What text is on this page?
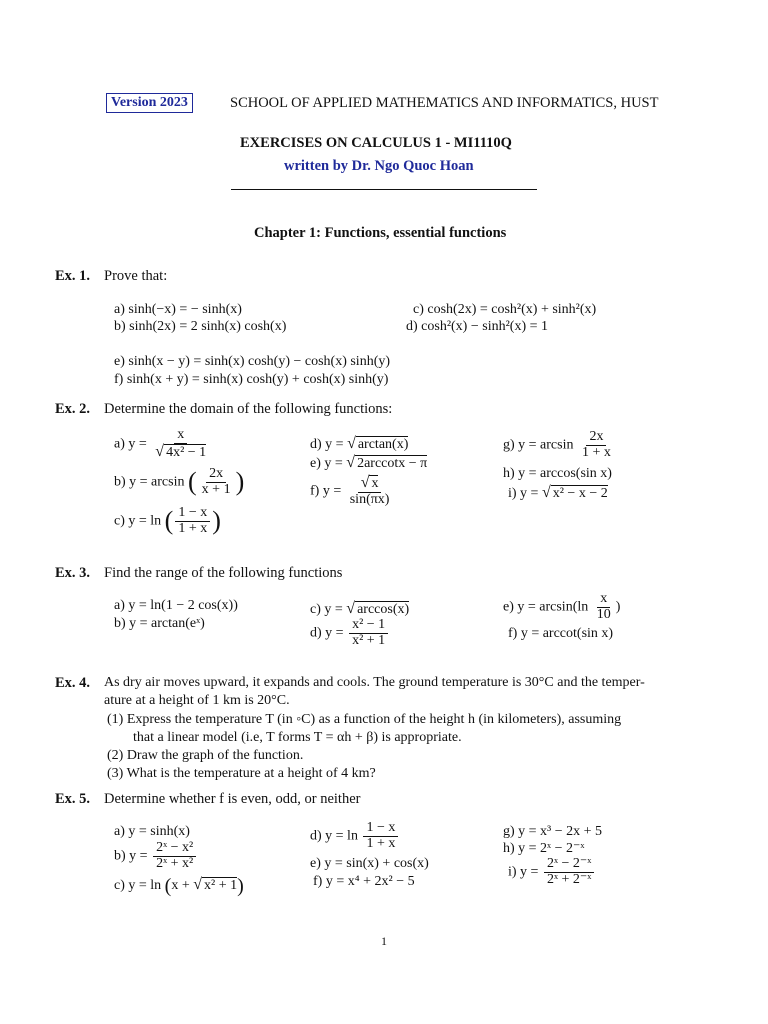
Version 2023	SCHOOL OF APPLIED MATHEMATICS AND INFORMATICS, HUST
EXERCISES ON CALCULUS 1 - MI1110Q
written by Dr. Ngo Quoc Hoan
Chapter 1: Functions, essential functions
Ex. 1. Prove that:
a) sinh(−x) = − sinh(x)
b) sinh(2x) = 2 sinh(x) cosh(x)
c) cosh(2x) = cosh²(x) + sinh²(x)
d) cosh²(x) − sinh²(x) = 1
e) sinh(x − y) = sinh(x) cosh(y) − cosh(x) sinh(y)
f) sinh(x + y) = sinh(x) cosh(y) + cosh(x) sinh(y)
Ex. 2. Determine the domain of the following functions:
a) $y = \frac{x}{\text{√ 4x² − 1}}$
b) y = arcsin ( $\frac{2x}{x + 1}$ )
c) y = ln ( $\frac{1 - x}{1 + x}$ )
d) y = √ arctan(x)
e) y = √ 2arccotx − π
f) $y = \frac{√ x}{\sin(\pi x)}$
g) $y = \arcsin \frac{2x}{1 + x}$
h) y = arccos(sin x)
i) y = √ x² − x − 2
Ex. 3. Find the range of the following functions
a) y = ln(1 − 2 cos(x))
b) y = arctan(eˣ)
c) y = √ arccos(x)
d) $y = \frac{\text{x² − 1}}{\text{x² + 1}}$
e) $y = \arcsin(\ln \frac{x}{10}$ )
f) y = arccot(sin x)
Ex. 4. As dry air moves upward, it expands and cools. The ground temperature is 30°C and the temper-
ature at a height of 1 km is 20°C.
(1) Express the temperature T (in ◦C) as a function of the height h (in kilometers), assuming
that a linear model (i.e, T forms T = αh + β) is appropriate.
(2) Draw the graph of the function.
(3) What is the temperature at a height of 4 km?
Ex. 5. Determine whether f is even, odd, or neither
a) y = sinh(x)
b) $y = \frac{\text{2ˣ − x²}}{\text{2ˣ + x²}}$
c) y = ln (x + √ x² + 1)
d) $y = \ln \frac{1 - x}{1 + x}$
e) y = sin(x) + cos(x)
f) y = x⁴ + 2x² − 5
g) y = x³ − 2x + 5
h) y = 2ˣ − 2⁻ˣ
i) $y = \frac{\text{2ˣ − 2⁻ˣ}}{\text{2ˣ + 2⁻ˣ}}$
1
